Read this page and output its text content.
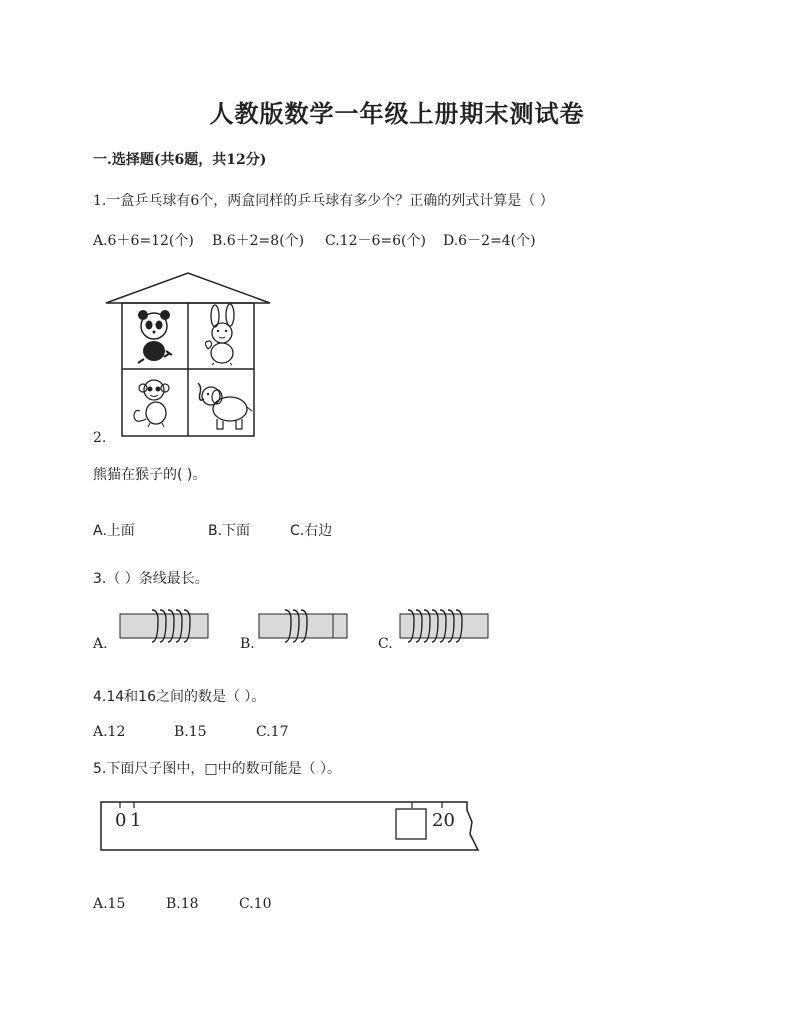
人教版数学一年级上册期末测试卷
一.选择题(共6题，共12分)
1.一盒乒乓球有6个，两盒同样的乒乓球有多少个？正确的列式计算是（ ）
A.6＋6=12(个) B.6＋2=8(个) C.12－6=6(个) D.6－2=4(个)
2.
熊猫在猴子的( )。
A.上面	B.下面	C.右边
3.（ ）条线最长。
A.	B.	C.
4.14和16之间的数是（ ）。
A.12	B.15	C.17
5.下面尺子图中，□中的数可能是（ ）。
0 1	20
A.15	B.18	C.10
